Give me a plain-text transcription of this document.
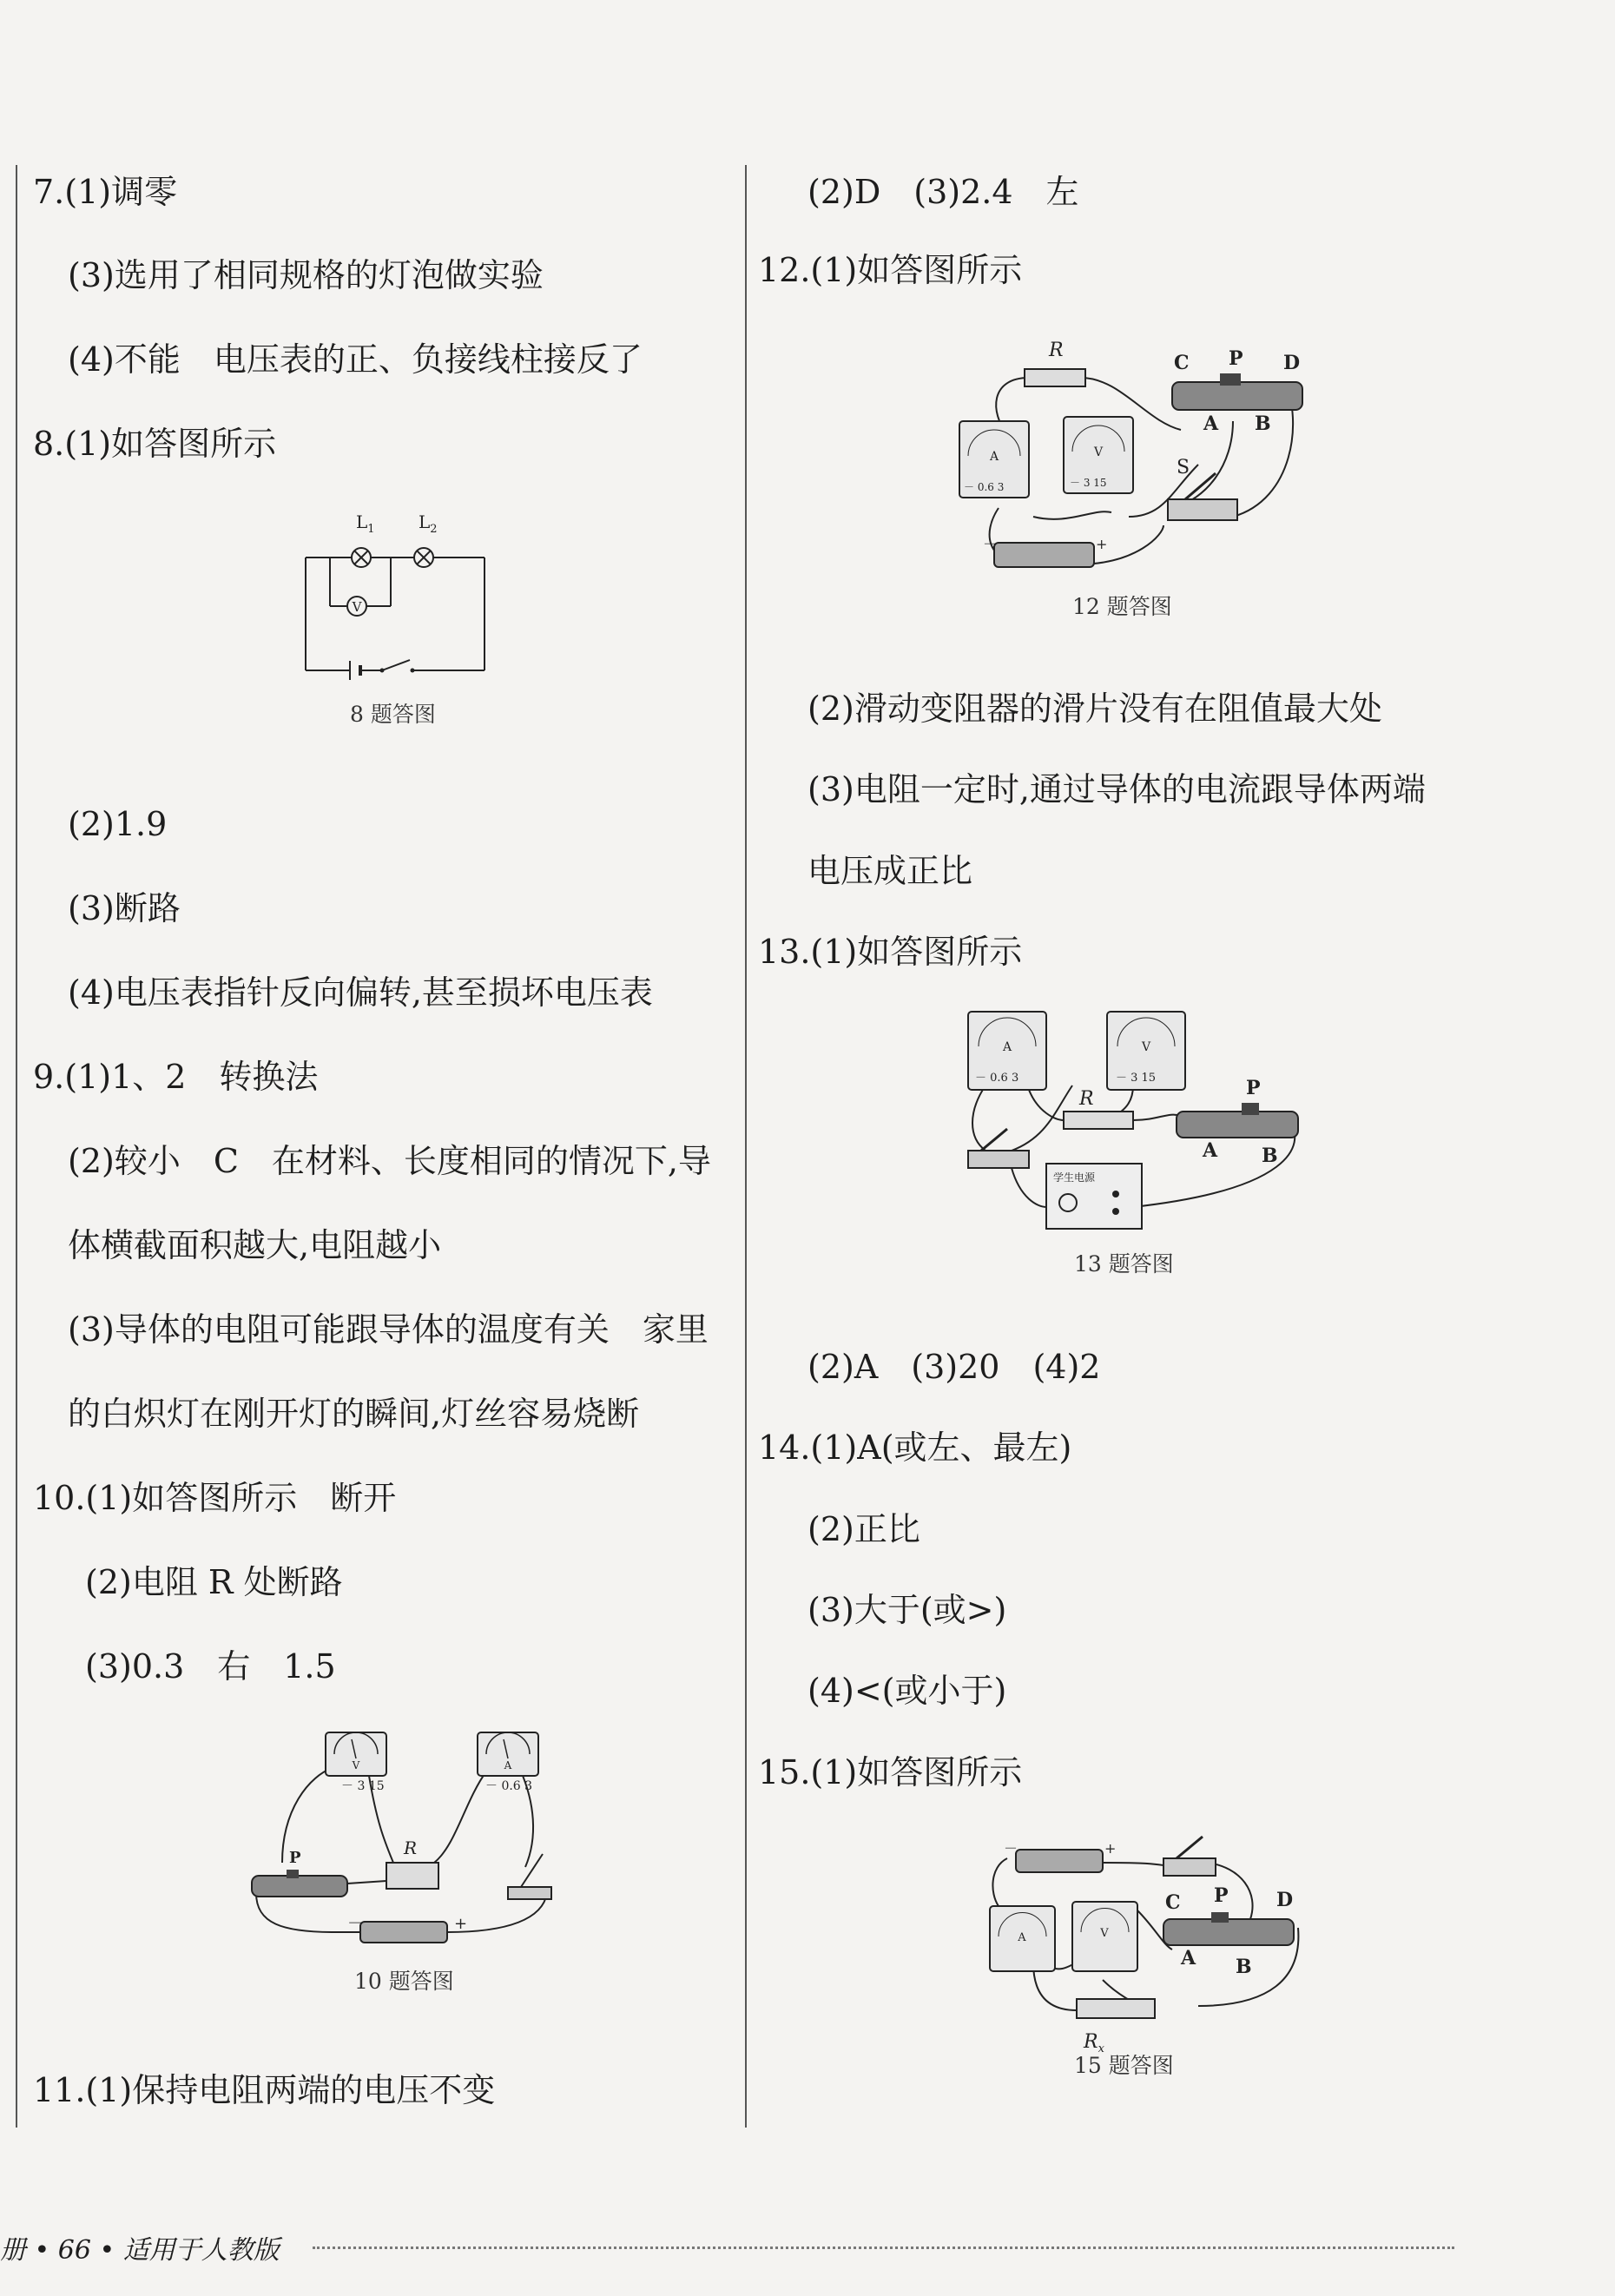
7.(1)调零
(3)选用了相同规格的灯泡做实验
(4)不能　电压表的正、负接线柱接反了
8.(1)如答图所示
V
$L_1$	$L_2$
8 题答图
(2)1.9
(3)断路
(4)电压表指针反向偏转,甚至损坏电压表
9.(1)1、2　转换法
(2)较小　C　在材料、长度相同的情况下,导
体横截面积越大,电阻越小
(3)导体的电阻可能跟导体的温度有关　家里
的白炽灯在刚开灯的瞬间,灯丝容易烧断
10.(1)如答图所示　断开
(2)电阻 R 处断路
(3)0.3　右　1.5
V
－ 3 15
A
－ 0.6 3
R
P
－	+
10 题答图
11.(1)保持电阻两端的电压不变
(2)D　(3)2.4　左
12.(1)如答图所示
R
C P D
A B
A
－ 0.6 3
V
－ 3 15
S
－	+
12 题答图
(2)滑动变阻器的滑片没有在阻值最大处
(3)电阻一定时,通过导体的电流跟导体两端
电压成正比
13.(1)如答图所示
A
－ 0.6 3
V
－ 3 15
R	P
A B
学生电源
13 题答图
(2)A　(3)20　(4)2
14.(1)A(或左、最左)
(2)正比
(3)大于(或>)
(4)<(或小于)
15.(1)如答图所示
－	+
A	V
C P	D
A B
$R_x$
15 题答图
册 • 66 • 适用于人教版
